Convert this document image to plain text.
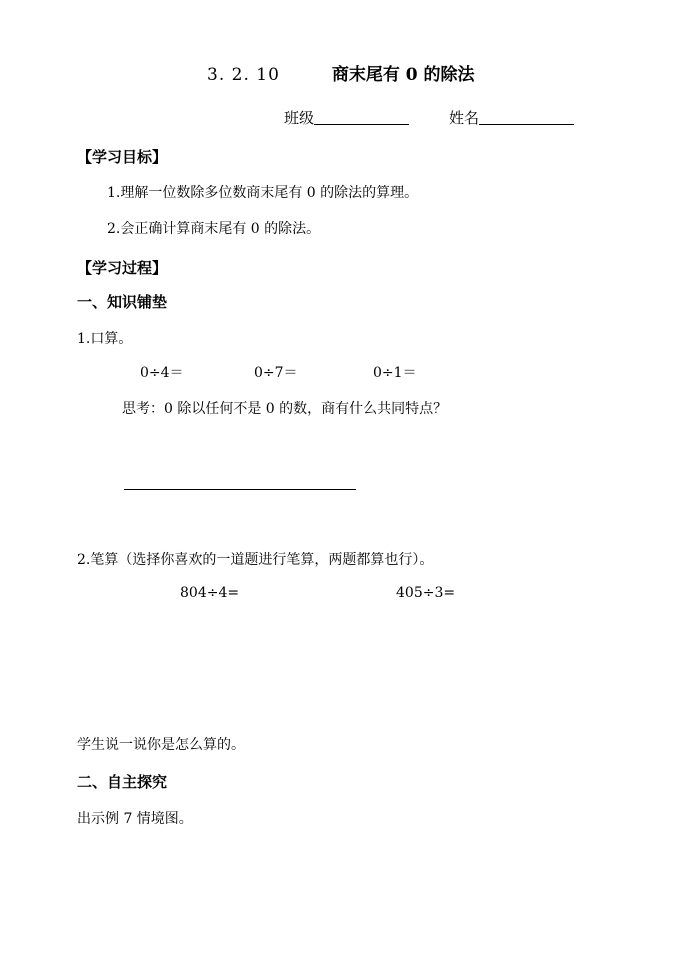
3. 2. 10	商末尾有 0 的除法
班级	姓名
【学习目标】
1.理解一位数除多位数商末尾有 0 的除法的算理。
2.会正确计算商末尾有 0 的除法。
【学习过程】
一、知识铺垫
1.口算。
0÷4＝	0÷7＝	0÷1＝
思考：0 除以任何不是 0 的数，商有什么共同特点？
2.笔算（选择你喜欢的一道题进行笔算，两题都算也行）。
804÷4=	405÷3=
学生说一说你是怎么算的。
二、自主探究
出示例 7 情境图。
